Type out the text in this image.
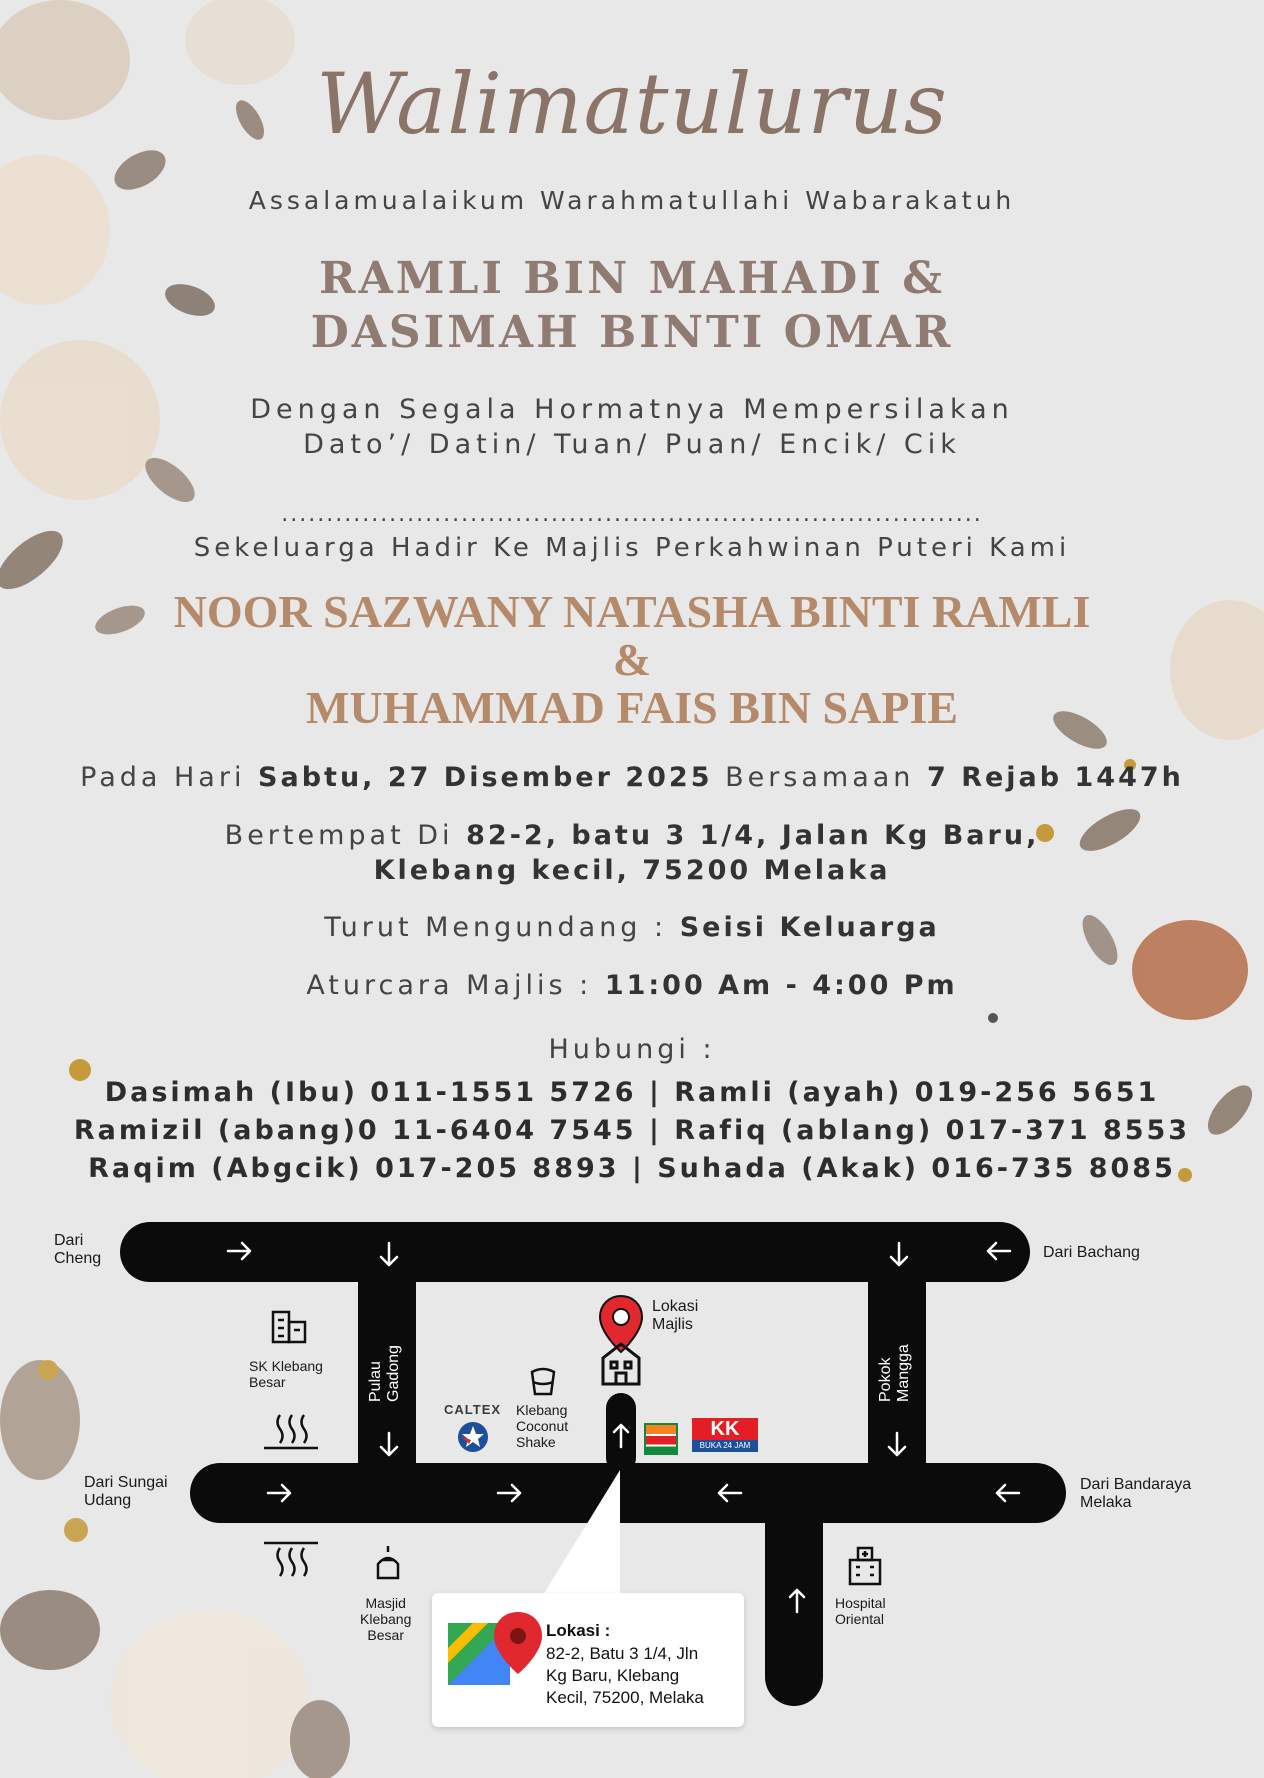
Walimatulurus
Assalamualaikum Warahmatullahi Wabarakatuh
RAMLI BIN MAHADI &
DASIMAH BINTI OMAR
Dengan Segala Hormatnya Mempersilakan
Dato’/ Datin/ Tuan/ Puan/ Encik/ Cik
..............................................................................
Sekeluarga Hadir Ke Majlis Perkahwinan Puteri Kami
NOOR SAZWANY NATASHA BINTI RAMLI
&
MUHAMMAD FAIS BIN SAPIE
Pada Hari Sabtu, 27 Disember 2025 Bersamaan 7 Rejab 1447h
Bertempat Di 82-2, batu 3 1/4, Jalan Kg Baru,
Klebang kecil, 75200 Melaka
Turut Mengundang : Seisi Keluarga
Aturcara Majlis : 11:00 Am - 4:00 Pm
Hubungi :
Dasimah (Ibu) 011-1551 5726 | Ramli (ayah) 019-256 5651
Ramizil (abang)0 11-6404 7545 | Rafiq (ablang) 017-371 8553
Raqim (Abgcik) 017-205 8893 | Suhada (Akak) 016-735 8085
Dari
Cheng	Dari Bachang
Dari Sungai
Udang
Dari Bandaraya
Melaka
Pulau Gadong	Pokok Mangga
SK Klebang
Besar
Lokasi
Majlis
CALTEX Klebang
Coconut
Shake
Masjid
Klebang
Besar
Hospital
Oriental
KK
BUKA 24 JAM
Lokasi :
82-2, Batu 3 1/4, Jln
Kg Baru, Klebang
Kecil, 75200, Melaka
